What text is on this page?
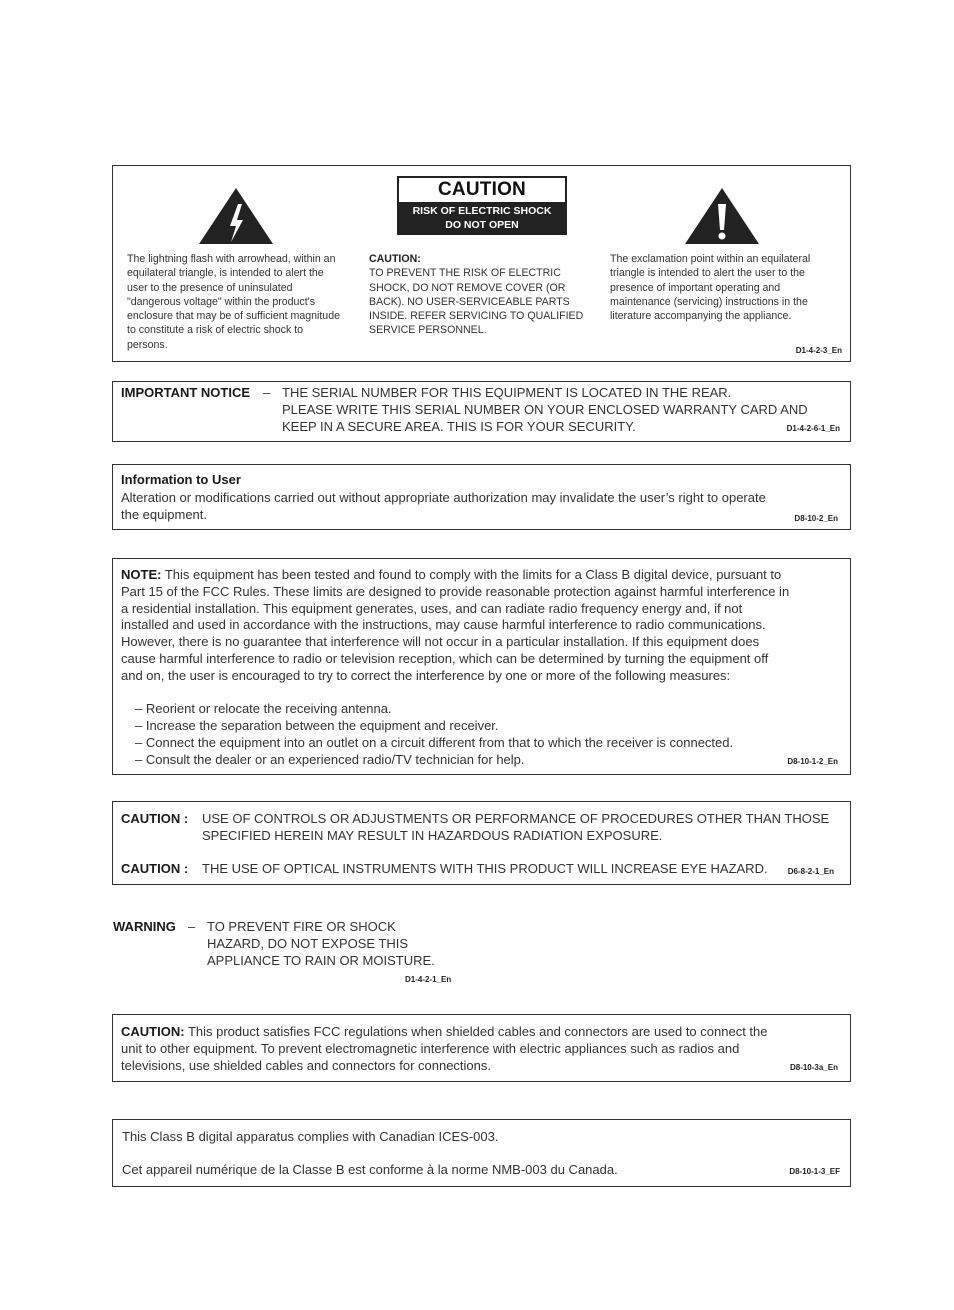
CAUTION
RISK OF ELECTRIC SHOCK
DO NOT OPEN
The lightning flash with arrowhead, within an equilateral triangle, is intended to alert the user to the presence of uninsulated "dangerous voltage" within the product's enclosure that may be of sufficient magnitude to constitute a risk of electric shock to persons.
CAUTION:
TO PREVENT THE RISK OF ELECTRIC SHOCK, DO NOT REMOVE COVER (OR BACK). NO USER-SERVICEABLE PARTS INSIDE. REFER SERVICING TO QUALIFIED SERVICE PERSONNEL.
The exclamation point within an equilateral triangle is intended to alert the user to the presence of important operating and maintenance (servicing) instructions in the literature accompanying the appliance.
D1-4-2-3_En
IMPORTANT NOTICE – THE SERIAL NUMBER FOR THIS EQUIPMENT IS LOCATED IN THE REAR.
PLEASE WRITE THIS SERIAL NUMBER ON YOUR ENCLOSED WARRANTY CARD AND
KEEP IN A SECURE AREA. THIS IS FOR YOUR SECURITY.	D1-4-2-6-1_En
Information to User
Alteration or modifications carried out without appropriate authorization may invalidate the user’s right to operate
the equipment.	D8-10-2_En
NOTE: This equipment has been tested and found to comply with the limits for a Class B digital device, pursuant to
Part 15 of the FCC Rules. These limits are designed to provide reasonable protection against harmful interference in
a residential installation. This equipment generates, uses, and can radiate radio frequency energy and, if not
installed and used in accordance with the instructions, may cause harmful interference to radio communications.
However, there is no guarantee that interference will not occur in a particular installation. If this equipment does
cause harmful interference to radio or television reception, which can be determined by turning the equipment off
and on, the user is encouraged to try to correct the interference by one or more of the following measures:
– Reorient or relocate the receiving antenna.
– Increase the separation between the equipment and receiver.
– Connect the equipment into an outlet on a circuit different from that to which the receiver is connected.
– Consult the dealer or an experienced radio/TV technician for help.	D8-10-1-2_En
CAUTION : USE OF CONTROLS OR ADJUSTMENTS OR PERFORMANCE OF PROCEDURES OTHER THAN THOSE
SPECIFIED HEREIN MAY RESULT IN HAZARDOUS RADIATION EXPOSURE.
CAUTION : THE USE OF OPTICAL INSTRUMENTS WITH THIS PRODUCT WILL INCREASE EYE HAZARD.	D6-8-2-1_En
WARNING – TO PREVENT FIRE OR SHOCK
HAZARD, DO NOT EXPOSE THIS
APPLIANCE TO RAIN OR MOISTURE.
D1-4-2-1_En
CAUTION: This product satisfies FCC regulations when shielded cables and connectors are used to connect the
unit to other equipment. To prevent electromagnetic interference with electric appliances such as radios and
televisions, use shielded cables and connectors for connections.	D8-10-3a_En
This Class B digital apparatus complies with Canadian ICES-003.
Cet appareil numérique de la Classe B est conforme à la norme NMB-003 du Canada.	D8-10-1-3_EF
